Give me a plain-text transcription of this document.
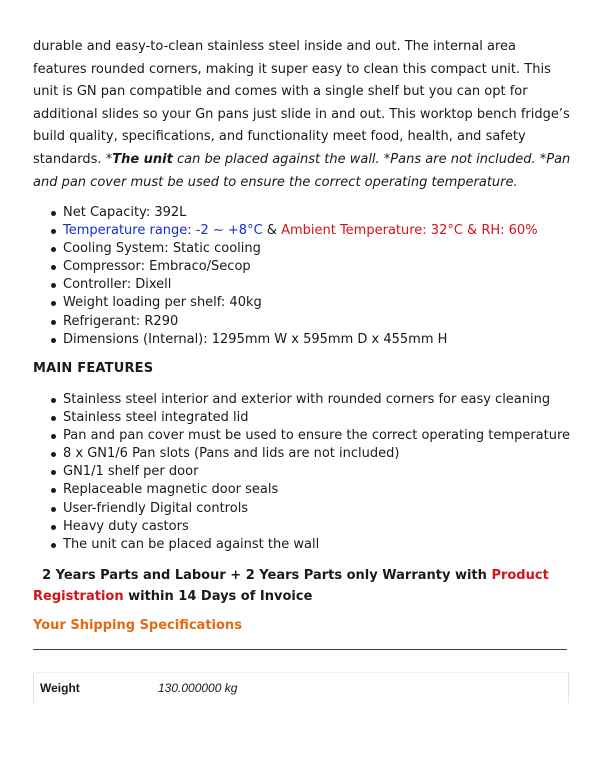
durable and easy-to-clean stainless steel inside and out. The internal area features rounded corners, making it super easy to clean this compact unit. This unit is GN pan compatible and comes with a single shelf but you can opt for additional slides so your Gn pans just slide in and out. This worktop bench fridge’s build quality, specifications, and functionality meet food, health, and safety standards. *The unit can be placed against the wall. *Pans are not included. *Pan and pan cover must be used to ensure the correct operating temperature.

Net Capacity: 392L
Temperature range: -2 ~ +8°C & Ambient Temperature: 32°C & RH: 60%
Cooling System: Static cooling
Compressor: Embraco/Secop
Controller: Dixell
Weight loading per shelf: 40kg
Refrigerant: R290
Dimensions (Internal): 1295mm W x 595mm D x 455mm H

MAIN FEATURES

Stainless steel interior and exterior with rounded corners for easy cleaning
Stainless steel integrated lid
Pan and pan cover must be used to ensure the correct operating temperature
8 x GN1/6 Pan slots (Pans and lids are not included)
GN1/1 shelf per door
Replaceable magnetic door seals
User-friendly Digital controls
Heavy duty castors
The unit can be placed against the wall

2 Years Parts and Labour + 2 Years Parts only Warranty with Product Registration within 14 Days of Invoice

Your Shipping Specifications

Weight	130.000000 kg
